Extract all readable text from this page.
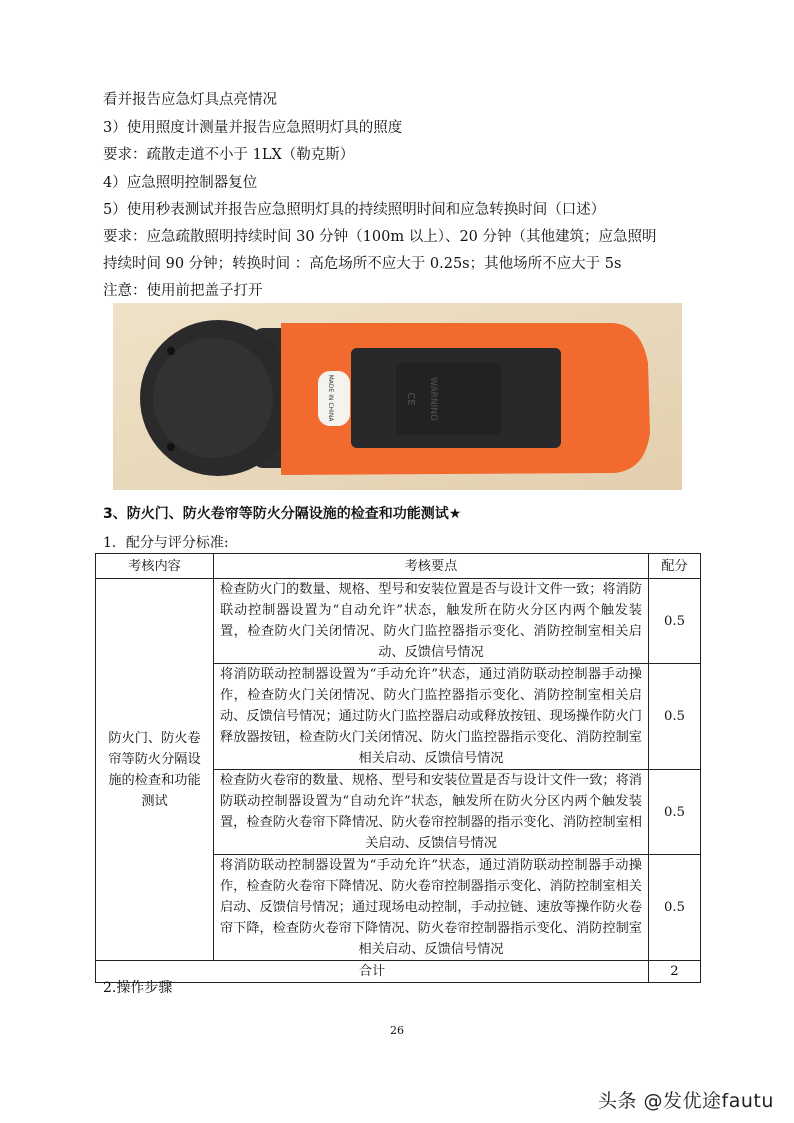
看并报告应急灯具点亮情况
3）使用照度计测量并报告应急照明灯具的照度
要求：疏散走道不小于 1LX（勒克斯）
4）应急照明控制器复位
5）使用秒表测试并报告应急照明灯具的持续照明时间和应急转换时间（口述）
要求：应急疏散照明持续时间 30 分钟（100m 以上）、20 分钟（其他建筑；应急照明
持续时间 90 分钟；转换时间 ：高危场所不应大于 0.25s；其他场所不应大于 5s
注意：使用前把盖子打开
MADE IN CHINA	WARNING
CE
3、防火门、防火卷帘等防火分隔设施的检查和功能测试★
1．配分与评分标准:
考核内容	考核要点	配分
防火门、防火卷帘等防火分隔设施的检查和功能测试	检查防火门的数量、规格、型号和安装位置是否与设计文件一致；将消防联动控制器设置为“自动允许”状态，触发所在防火分区内两个触发装置，检查防火门关闭情况、防火门监控器指示变化、消防控制室相关启动、反馈信号情况	0.5
	将消防联动控制器设置为“手动允许”状态，通过消防联动控制器手动操作，检查防火门关闭情况、防火门监控器指示变化、消防控制室相关启动、反馈信号情况；通过防火门监控器启动或释放按钮、现场操作防火门释放器按钮，检查防火门关闭情况、防火门监控器指示变化、消防控制室相关启动、反馈信号情况	0.5
	检查防火卷帘的数量、规格、型号和安装位置是否与设计文件一致；将消防联动控制器设置为“自动允许”状态，触发所在防火分区内两个触发装置，检查防火卷帘下降情况、防火卷帘控制器的指示变化、消防控制室相关启动、反馈信号情况	0.5
	将消防联动控制器设置为“手动允许”状态，通过消防联动控制器手动操作，检查防火卷帘下降情况、防火卷帘控制器指示变化、消防控制室相关启动、反馈信号情况；通过现场电动控制，手动拉链、速放等操作防火卷帘下降，检查防火卷帘下降情况、防火卷帘控制器指示变化、消防控制室相关启动、反馈信号情况	0.5
合计		2
2.操作步骤
26
头条 @发优途fautu
